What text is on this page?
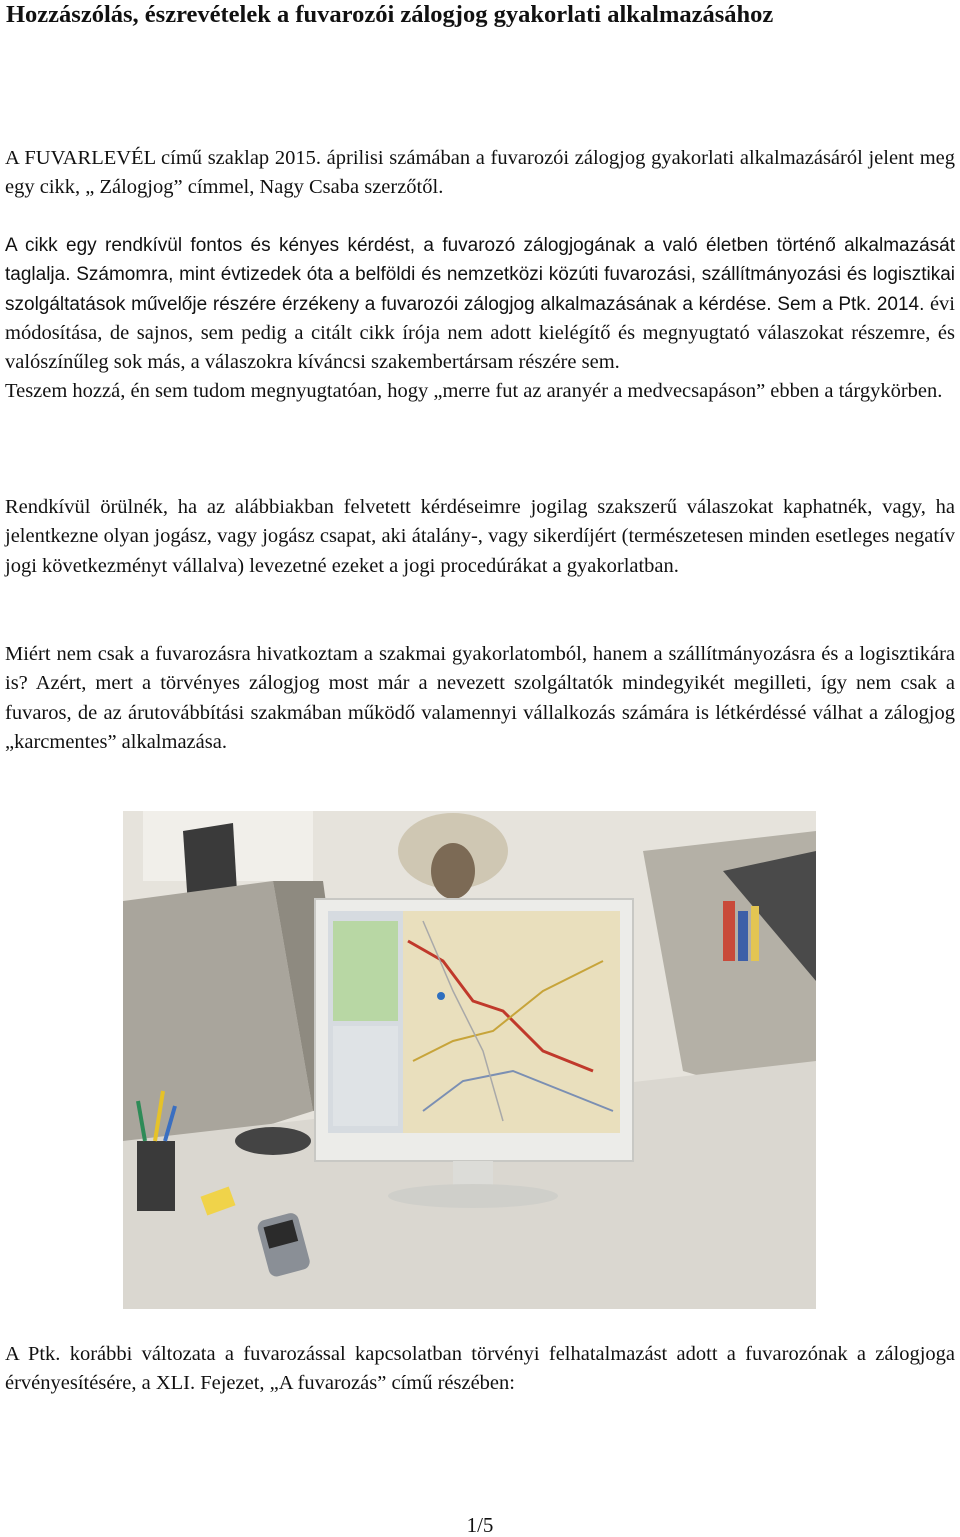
Hozzászólás, észrevételek a fuvarozói zálogjog gyakorlati alkalmazásához

A FUVARLEVÉL című szaklap 2015. áprilisi számában a fuvarozói zálogjog gyakorlati alkalmazásáról jelent meg egy cikk, „ Zálogjog” címmel, Nagy Csaba szerzőtől.

A cikk egy rendkívül fontos és kényes kérdést, a fuvarozó zálogjogának a való életben történő alkalmazását taglalja. Számomra, mint évtizedek óta a belföldi és nemzetközi közúti fuvarozási, szállítmányozási és logisztikai szolgáltatások művelője részére érzékeny a fuvarozói zálogjog alkalmazásának a kérdése. Sem a Ptk. 2014. évi módosítása, de sajnos, sem pedig a citált cikk írója nem adott kielégítő és megnyugtató válaszokat részemre, és valószínűleg sok más, a válaszokra kíváncsi szakembertársam részére sem.
Teszem hozzá, én sem tudom megnyugtatóan, hogy „merre fut az aranyér a medvecsapáson” ebben a tárgykörben.

Rendkívül örülnék, ha az alábbiakban felvetett kérdéseimre jogilag szakszerű válaszokat kaphatnék, vagy, ha jelentkezne olyan jogász, vagy jogász csapat, aki átalány-, vagy sikerdíjért (természetesen minden esetleges negatív jogi következményt vállalva) levezetné ezeket a jogi procedúrákat a gyakorlatban.

Miért nem csak a fuvarozásra hivatkoztam a szakmai gyakorlatomból, hanem a szállítmányozásra és a logisztikára is? Azért, mert a törvényes zálogjog most már a nevezett szolgáltatók mindegyikét megilleti, így nem csak a fuvaros, de az árutovábbítási szakmában működő valamennyi vállalkozás számára is létkérdéssé válhat a zálogjog „karcmentes” alkalmazása.

A Ptk. korábbi változata a fuvarozással kapcsolatban törvényi felhatalmazást adott a fuvarozónak a zálogjoga érvényesítésére, a XLI. Fejezet, „A fuvarozás” című részében:

1/5
